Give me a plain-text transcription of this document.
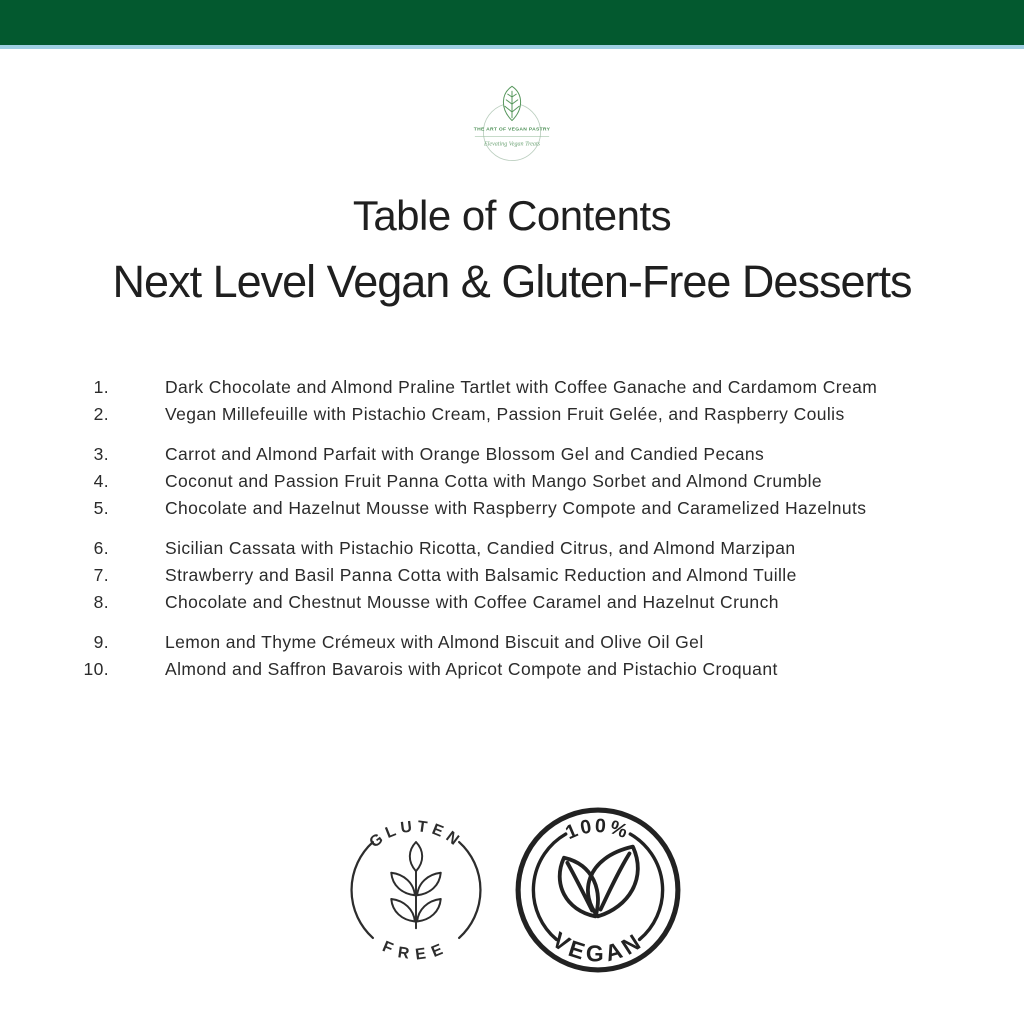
THE ART OF VEGAN PASTRY
Elevating Vegan Treats
Table of Contents
Next Level Vegan & Gluten-Free Desserts
1.	Dark Chocolate and Almond Praline Tartlet with Coffee Ganache and Cardamom Cream
2.	Vegan Millefeuille with Pistachio Cream, Passion Fruit Gelée, and Raspberry Coulis
3.	Carrot and Almond Parfait with Orange Blossom Gel and Candied Pecans
4.	Coconut and Passion Fruit Panna Cotta with Mango Sorbet and Almond Crumble
5.	Chocolate and Hazelnut Mousse with Raspberry Compote and Caramelized Hazelnuts
6.	Sicilian Cassata with Pistachio Ricotta, Candied Citrus, and Almond Marzipan
7.	Strawberry and Basil Panna Cotta with Balsamic Reduction and Almond Tuille
8.	Chocolate and Chestnut Mousse with Coffee Caramel and Hazelnut Crunch
9.	Lemon and Thyme Crémeux with Almond Biscuit and Olive Oil Gel
10.	Almond and Saffron Bavarois with Apricot Compote and Pistachio Croquant
GLUTEN
FREE
100%
VEGAN
